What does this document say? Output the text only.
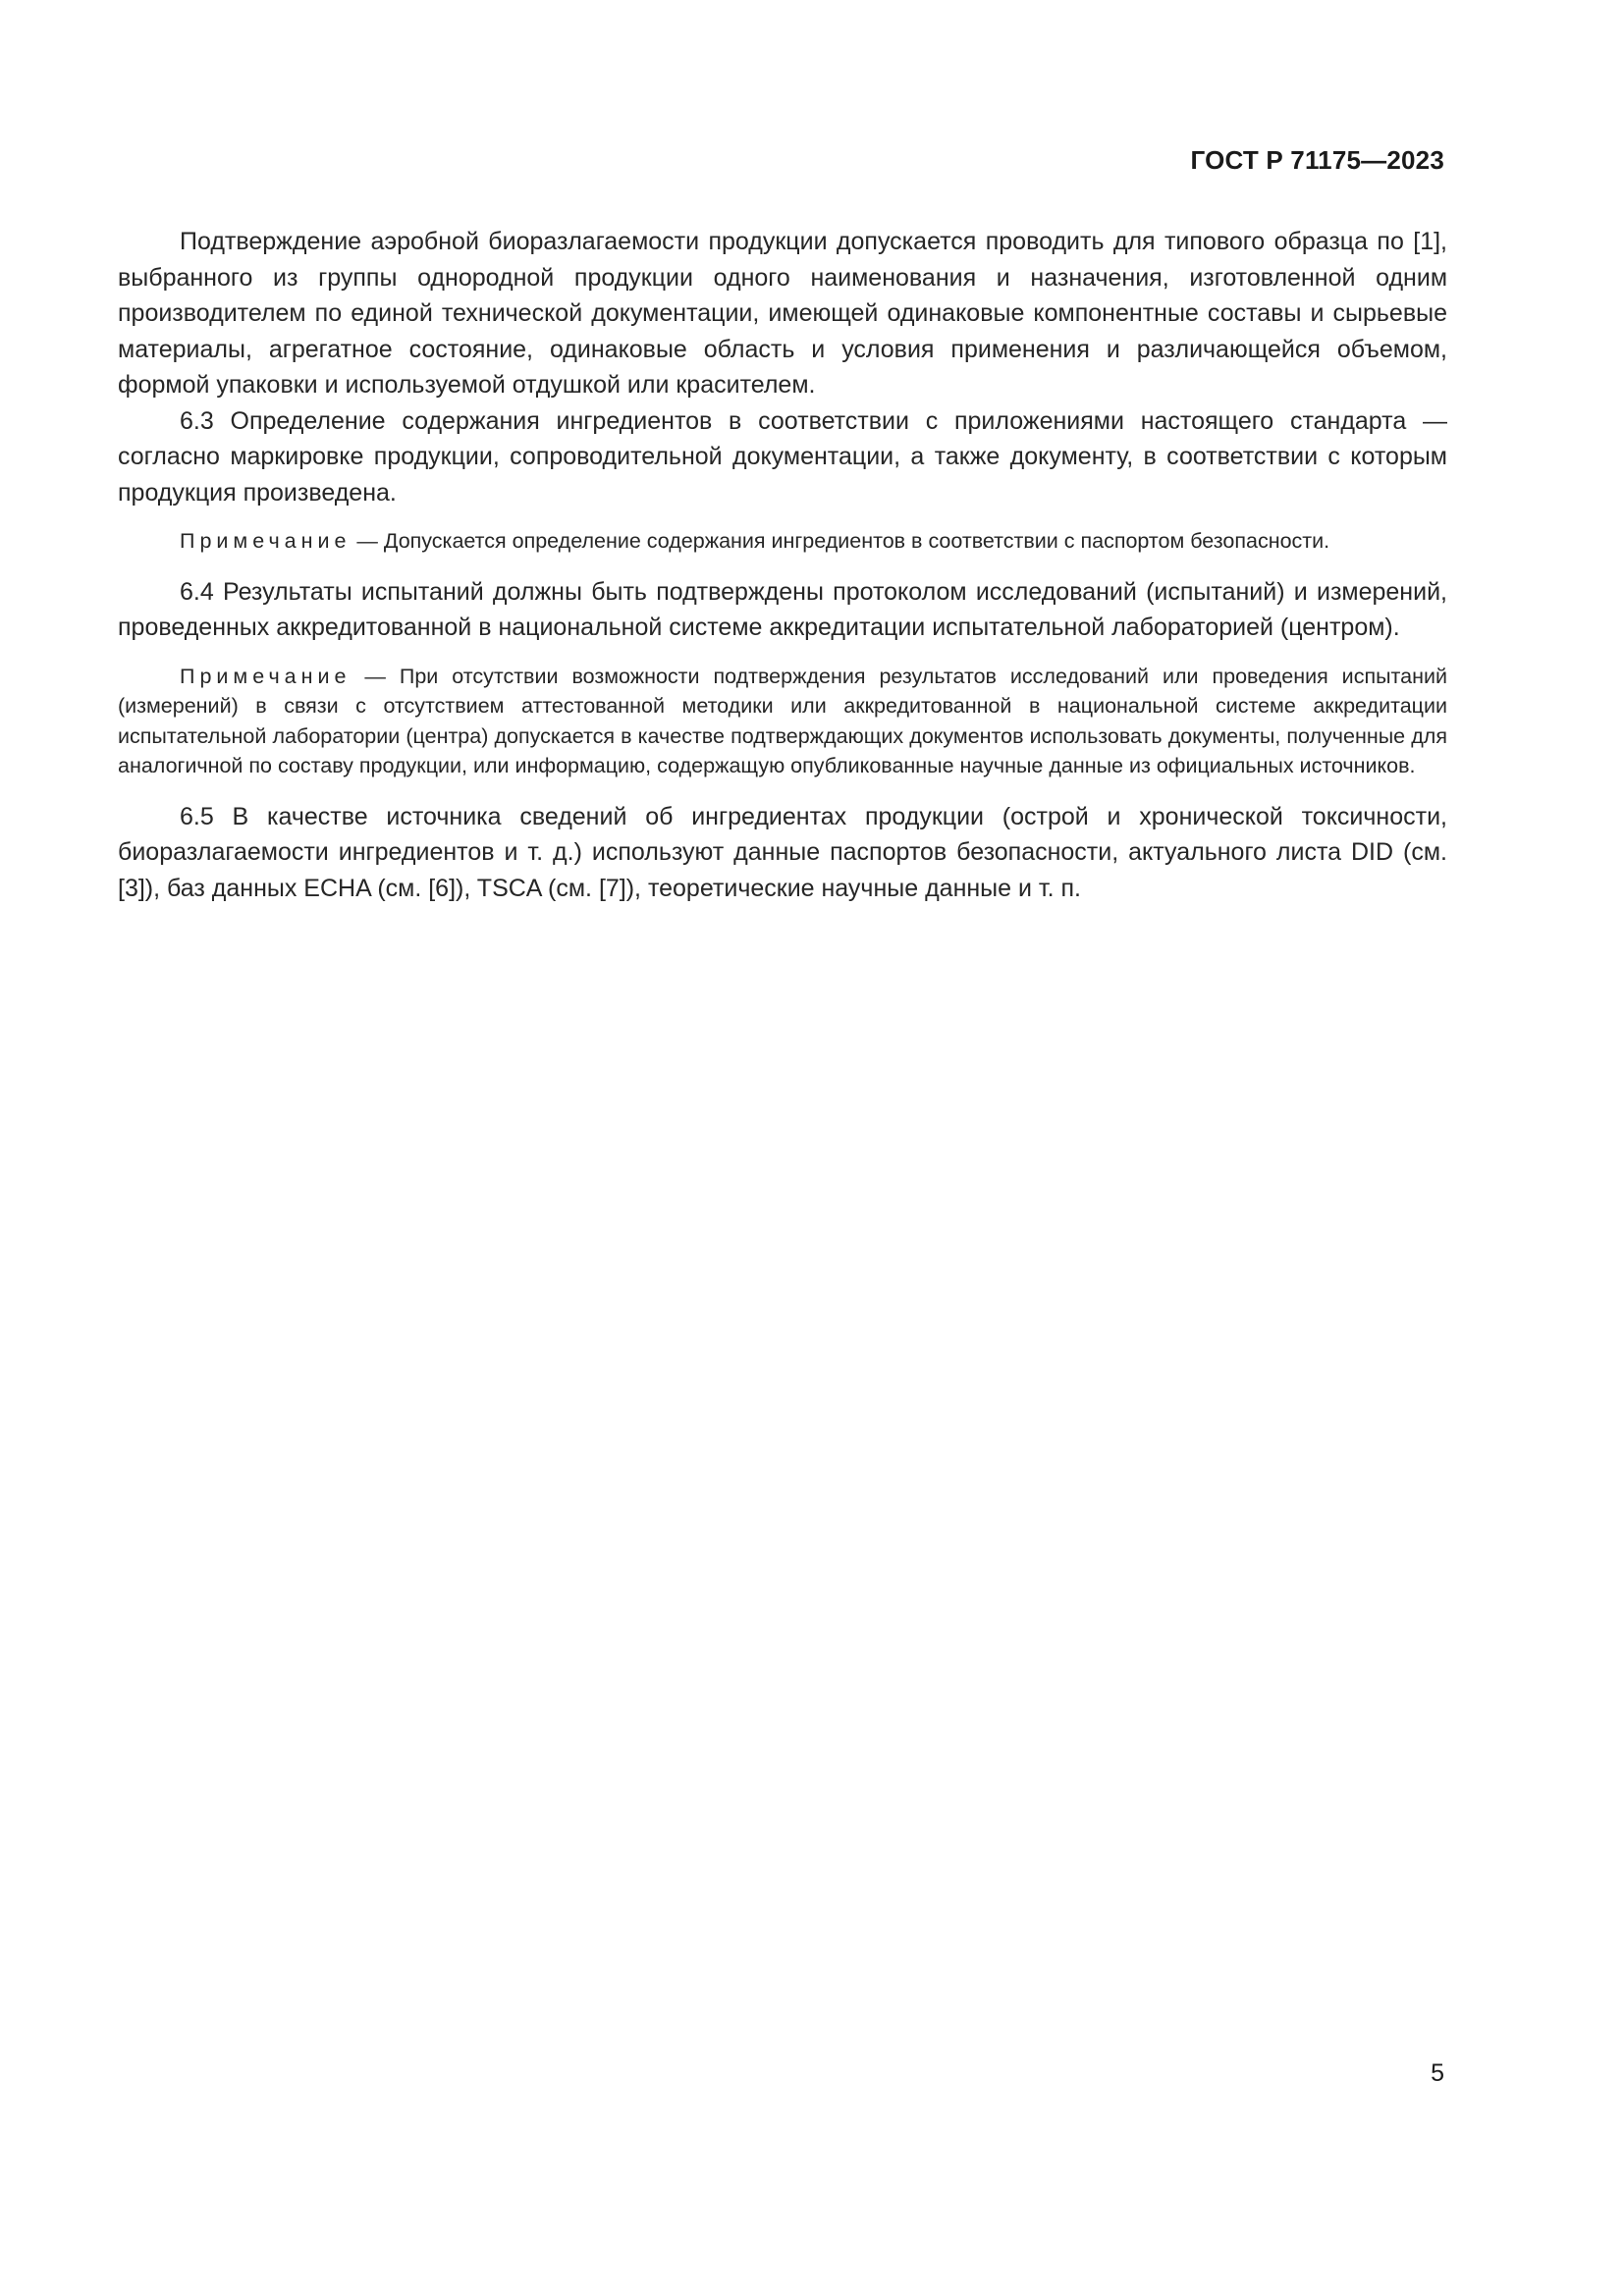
ГОСТ Р 71175—2023

Подтверждение аэробной биоразлагаемости продукции допускается проводить для типового образца по [1], выбранного из группы однородной продукции одного наименования и назначения, изготовленной одним производителем по единой технической документации, имеющей одинаковые компонентные составы и сырьевые материалы, агрегатное состояние, одинаковые область и условия применения и различающейся объемом, формой упаковки и используемой отдушкой или красителем.

6.3 Определение содержания ингредиентов в соответствии с приложениями настоящего стандарта — согласно маркировке продукции, сопроводительной документации, а также документу, в соответствии с которым продукция произведена.

Примечание — Допускается определение содержания ингредиентов в соответствии с паспортом безопасности.

6.4 Результаты испытаний должны быть подтверждены протоколом исследований (испытаний) и измерений, проведенных аккредитованной в национальной системе аккредитации испытательной лабораторией (центром).

Примечание — При отсутствии возможности подтверждения результатов исследований или проведения испытаний (измерений) в связи с отсутствием аттестованной методики или аккредитованной в национальной системе аккредитации испытательной лаборатории (центра) допускается в качестве подтверждающих документов использовать документы, полученные для аналогичной по составу продукции, или информацию, содержащую опубликованные научные данные из официальных источников.

6.5 В качестве источника сведений об ингредиентах продукции (острой и хронической токсичности, биоразлагаемости ингредиентов и т. д.) используют данные паспортов безопасности, актуального листа DID (см. [3]), баз данных ECHA (см. [6]), TSCA (см. [7]), теоретические научные данные и т. п.

5
